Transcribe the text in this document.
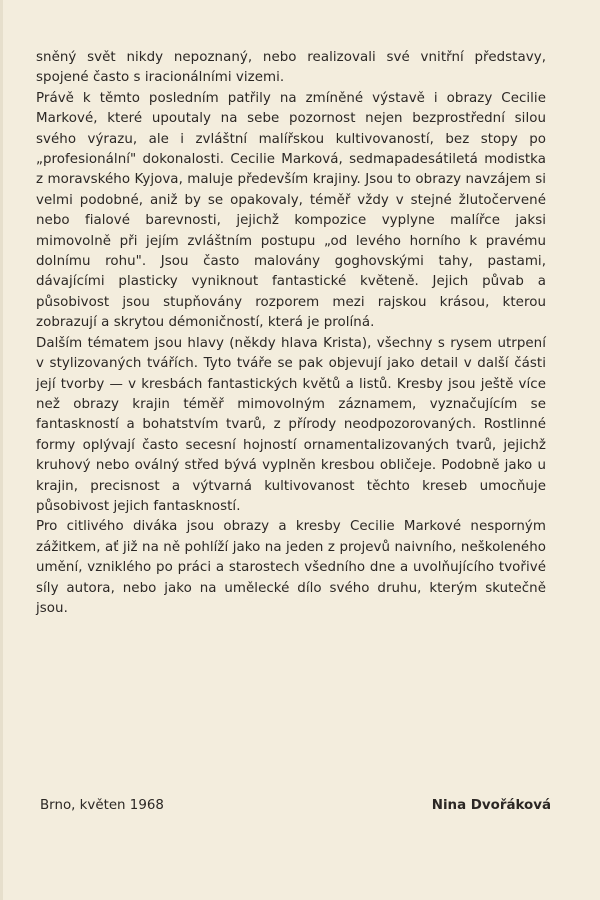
sněný svět nikdy nepoznaný, nebo realizovali své vnitřní představy, spojené často s iracionálními vizemi.

Právě k těmto posledním patřily na zmíněné výstavě i obrazy Cecilie Markové, které upoutaly na sebe pozornost nejen bezprostřední silou svého výrazu, ale i zvláštní malířskou kultivovaností, bez stopy po „profesionální" dokonalosti. Cecilie Marková, sedmapadesátiletá modistka z moravského Kyjova, maluje především krajiny. Jsou to obrazy navzájem si velmi podobné, aniž by se opakovaly, téměř vždy v stejné žlutočervené nebo fialové barevnosti, jejichž kompozice vyplyne malířce jaksi mimovolně při jejím zvláštním postupu „od levého horního k pravému dolnímu rohu". Jsou často malovány goghovskými tahy, pastami, dávajícími plasticky vyniknout fantastické květeně. Jejich půvab a působivost jsou stupňovány rozporem mezi rajskou krásou, kterou zobrazují a skrytou démoničností, která je prolíná.

Dalším tématem jsou hlavy (někdy hlava Krista), všechny s rysem utrpení v stylizovaných tvářích. Tyto tváře se pak objevují jako detail v další části její tvorby — v kresbách fantastických květů a listů. Kresby jsou ještě více než obrazy krajin téměř mimovolným záznamem, vyznačujícím se fantaskností a bohatstvím tvarů, z přírody neodpozorovaných. Rostlinné formy oplývají často secesní hojností ornamentalizovaných tvarů, jejichž kruhový nebo oválný střed bývá vyplněn kresbou obličeje. Podobně jako u krajin, precisnost a výtvarná kultivovanost těchto kreseb umocňuje působivost jejich fantaskností.

Pro citlivého diváka jsou obrazy a kresby Cecilie Markové nesporným zážitkem, ať již na ně pohlíží jako na jeden z projevů naivního, neškoleného umění, vzniklého po práci a starostech všedního dne a uvolňujícího tvořivé síly autora, nebo jako na umělecké dílo svého druhu, kterým skutečně jsou.

Brno, květen 1968	Nina Dvořáková
